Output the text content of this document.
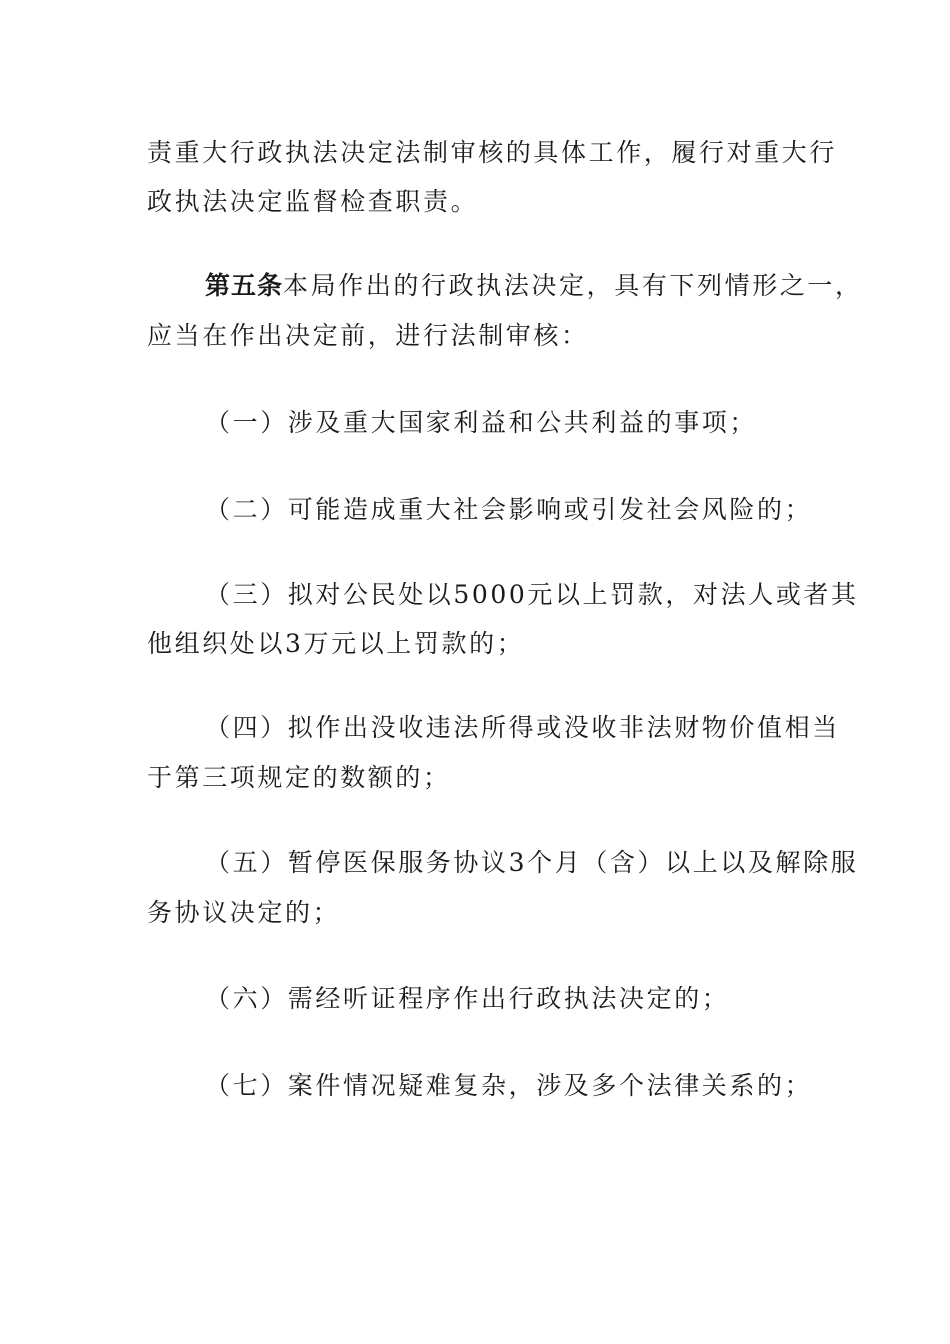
责重大行政执法决定法制审核的具体工作，履行对重大行
政执法决定监督检查职责。
第五条本局作出的行政执法决定，具有下列情形之一，
应当在作出决定前，进行法制审核：
（一）涉及重大国家利益和公共利益的事项；
（二）可能造成重大社会影响或引发社会风险的；
（三）拟对公民处以5000元以上罚款，对法人或者其
他组织处以3万元以上罚款的；
（四）拟作出没收违法所得或没收非法财物价值相当
于第三项规定的数额的；
（五）暂停医保服务协议3个月（含）以上以及解除服
务协议决定的；
（六）需经听证程序作出行政执法决定的；
（七）案件情况疑难复杂，涉及多个法律关系的；
